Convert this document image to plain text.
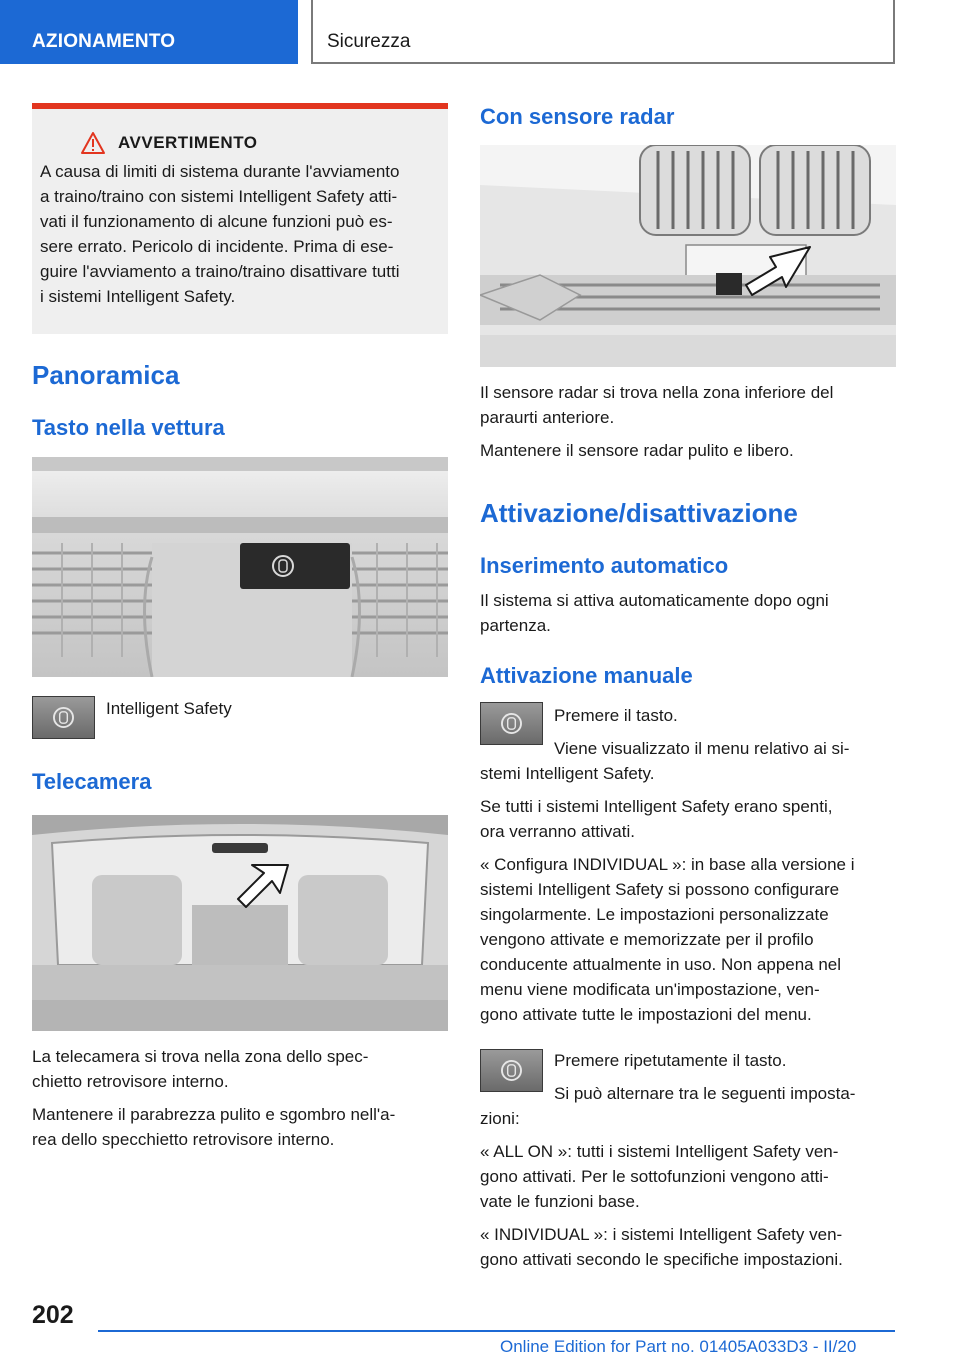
AZIONAMENTO	Sicurezza
AVVERTIMENTO
A causa di limiti di sistema durante l'avviamento
a traino/traino con sistemi Intelligent Safety atti-
vati il funzionamento di alcune funzioni può es-
sere errato. Pericolo di incidente. Prima di ese-
guire l'avviamento a traino/traino disattivare tutti
i sistemi Intelligent Safety.
Panoramica
Tasto nella vettura
Intelligent Safety
Telecamera
La telecamera si trova nella zona dello spec-
chietto retrovisore interno.
Mantenere il parabrezza pulito e sgombro nell'a-
rea dello specchietto retrovisore interno.
Con sensore radar
Il sensore radar si trova nella zona inferiore del
paraurti anteriore.
Mantenere il sensore radar pulito e libero.
Attivazione/disattivazione
Inserimento automatico
Il sistema si attiva automaticamente dopo ogni
partenza.
Attivazione manuale
Premere il tasto.
Viene visualizzato il menu relativo ai si-
stemi Intelligent Safety.
Se tutti i sistemi Intelligent Safety erano spenti,
ora verranno attivati.
« Configura INDIVIDUAL »: in base alla versione i
sistemi Intelligent Safety si possono configurare
singolarmente. Le impostazioni personalizzate
vengono attivate e memorizzate per il profilo
conducente attualmente in uso. Non appena nel
menu viene modificata un'impostazione, ven-
gono attivate tutte le impostazioni del menu.
Premere ripetutamente il tasto.
Si può alternare tra le seguenti imposta-
zioni:
« ALL ON »: tutti i sistemi Intelligent Safety ven-
gono attivati. Per le sottofunzioni vengono atti-
vate le funzioni base.
« INDIVIDUAL »: i sistemi Intelligent Safety ven-
gono attivati secondo le specifiche impostazioni.
202
Online Edition for Part no. 01405A033D3 - II/20
